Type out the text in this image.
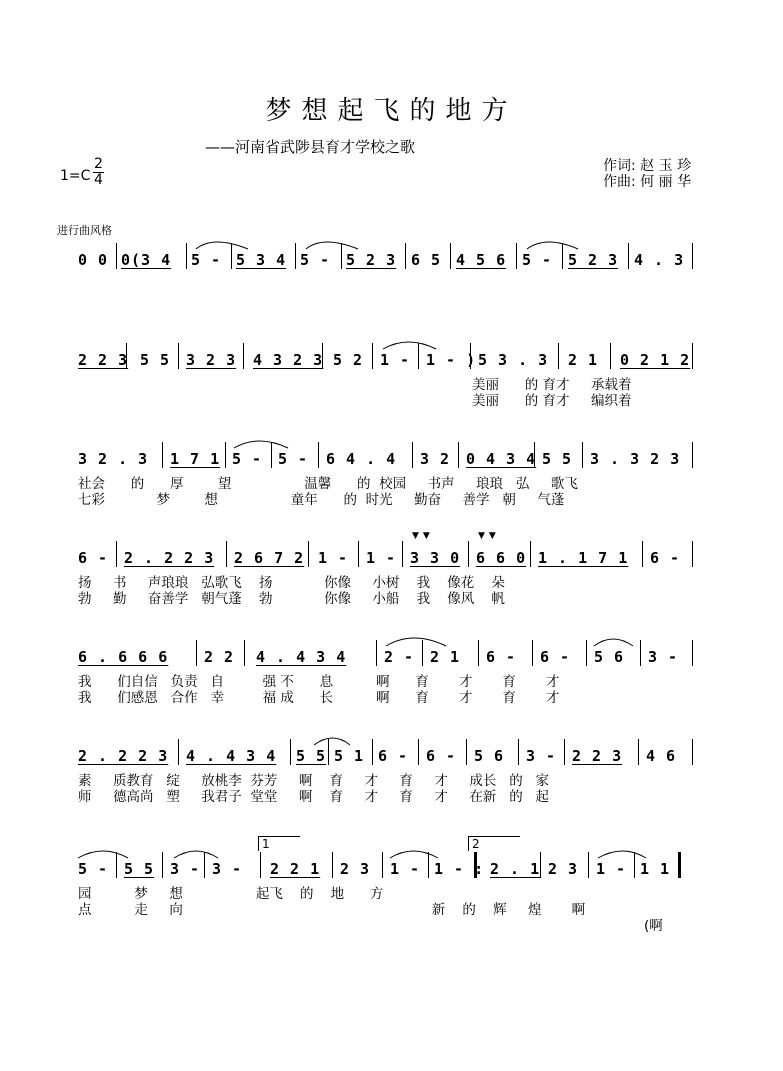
梦想起飞的地方
——河南省武陟县育才学校之歌
$1=C \frac{2}{4}$	作词: 赵 玉 珍
作曲: 何 丽 华
进行曲风格
0 0 0(3 4 5 - 5 3 4 5 - 5 2 3 6 5 4 5 6 5 - 5 2 3 4 . 3
2 2 3 5 5 3 2 3 4 3 2 3 5 2 1 - 1 - ) 5 3 . 3 2 1 0 2 1 2
美丽      的 育才     承载着
美丽      的 育才     编织着
3 2 . 3 1 7 1 5 - 5 - 6 4 . 4 3 2 0 4 3 4 5 5 3 . 3 2 3
社会      的      厚        望                 温馨      的  校园     书声     琅琅   弘     歌飞
七彩            梦        想                 童年      的  时光     勤奋     善学   朝     气蓬
6 - 2 . 2 2 3 2 6 7 2 1 - 1 -
▼▼
3 3 0
▼▼
6 6 0 1 . 1 7 1 6 -
扬     书     声琅琅   弘歌飞    扬            你像     小树    我    像花    朵
勃     勤     奋善学   朝气蓬    勃            你像     小船    我    像风    帆
6 . 6 6 6 2 2 4 . 4 3 4	2 - 2 1 6 - 6 - 5 6 3 -
我      们自信   负责   自         强 不      息          啊      育       才       育       才
我      们感恩   合作   幸         福 成      长          啊      育       才       育       才
2 . 2 2 3 4 . 4 3 4 5 5 5 1 6 - 6 - 5 6 3 - 2 2 3 4 6
素     质教育   绽     放桃李  芬芳     啊    育     才     育     才     成长   的   家
师     德高尚   塑     我君子  堂堂     啊    育     才     育     才     在新   的   起
5 - 5 5 3 - 3 -
1
2 2 1 2 3 1 - 1 - :
2
2 . 1 2 3 1 - 1 1
园          梦     想                 起飞    的    地      方
点          走     向                                                          新    的    辉     煌       啊
(啊
